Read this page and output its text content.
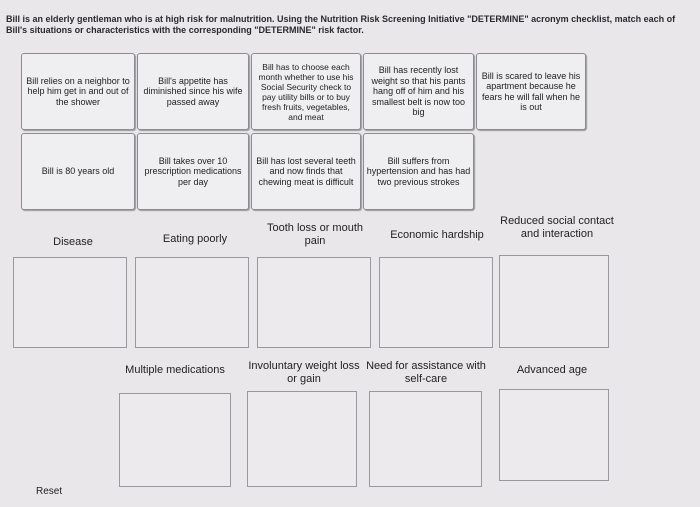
Bill is an elderly gentleman who is at high risk for malnutrition. Using the Nutrition Risk Screening Initiative "DETERMINE" acronym checklist, match each of Bill's situations or characteristics with the corresponding "DETERMINE" risk factor.
Bill relies on a neighbor to help him get in and out of the shower
Bill's appetite has diminished since his wife passed away
Bill has to choose each month whether to use his Social Security check to pay utility bills or to buy fresh fruits, vegetables, and meat
Bill has recently lost weight so that his pants hang off of him and his smallest belt is now too big
Bill is scared to leave his apartment because he fears he will fall when he is out
Bill is 80 years old
Bill takes over 10 prescription medications per day
Bill has lost several teeth and now finds that chewing meat is difficult
Bill suffers from hypertension and has had two previous strokes
Disease	Eating poorly
Tooth loss or mouth pain	Economic hardship
Reduced social contact and interaction
Multiple medications	Involuntary weight loss or gain
Need for assistance with self-care
Advanced age
Reset
